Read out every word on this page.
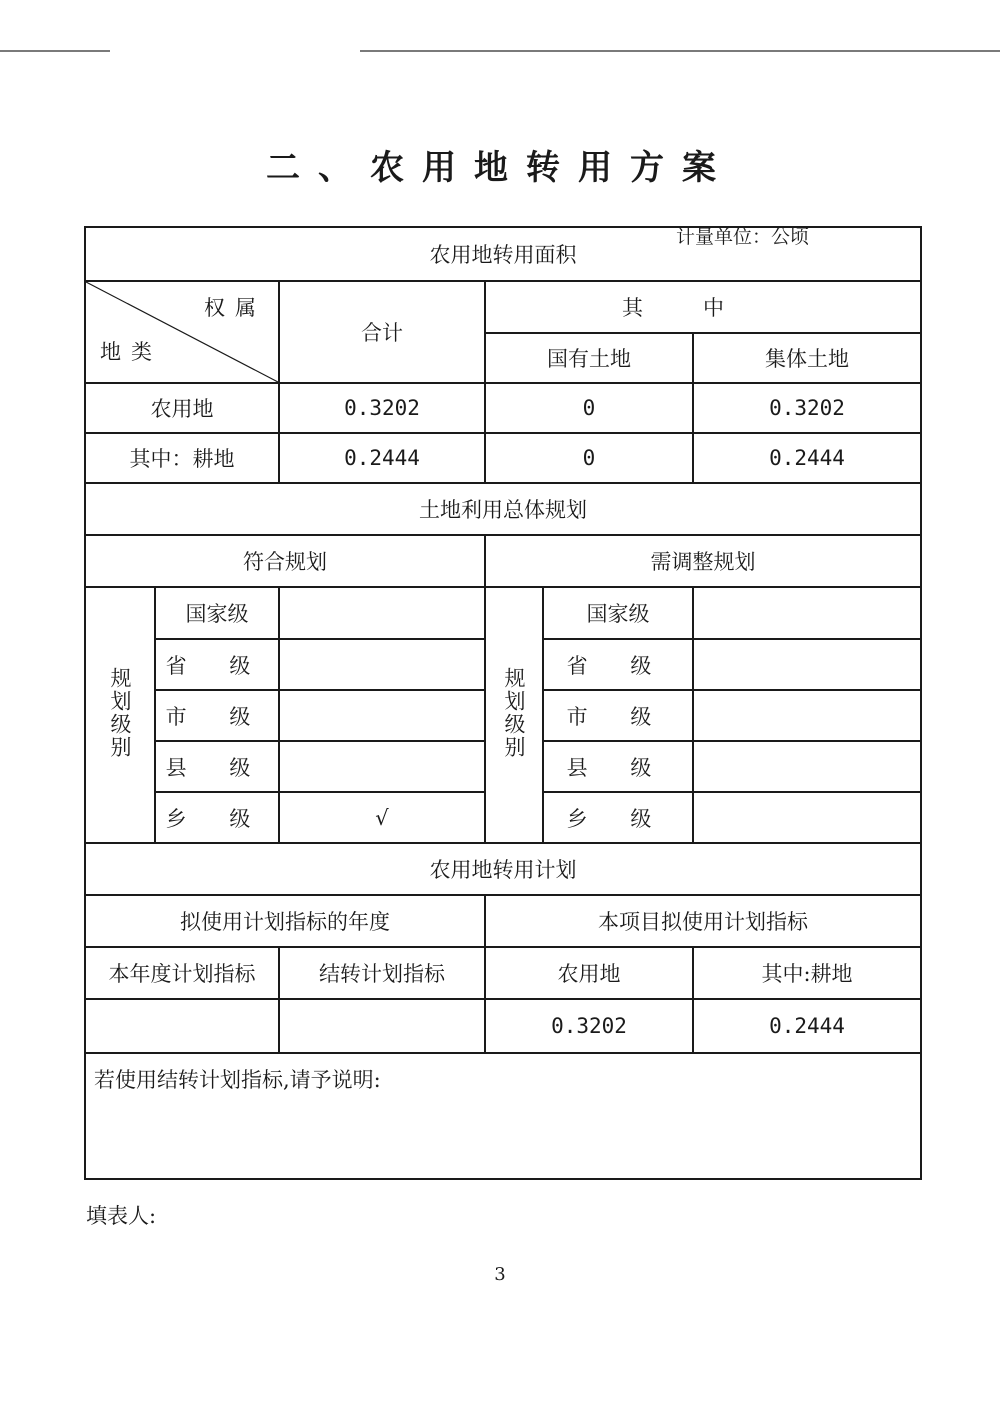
二、农用地转用方案
计量单位：公顷
农用地转用面积					

权属
地类		合计	其中		
			国有土地		集体土地
农用地		0.3202	0		0.3202
其中：耕地		0.2444	0		0.2444
土地利用总体规划					
符合规划			需调整规划		
规划级别	国家级		规划级别	国家级	
	省 级			省 级	
	市 级			市 级	
	县 级			县 级	
	乡 级	√		乡 级	
农用地转用计划					
拟使用计划指标的年度			本项目拟使用计划指标		
本年度计划指标		结转计划指标	农用地		其中:耕地
			0.3202		0.2444
若使用结转计划指标,请予说明:					
填表人:
3
